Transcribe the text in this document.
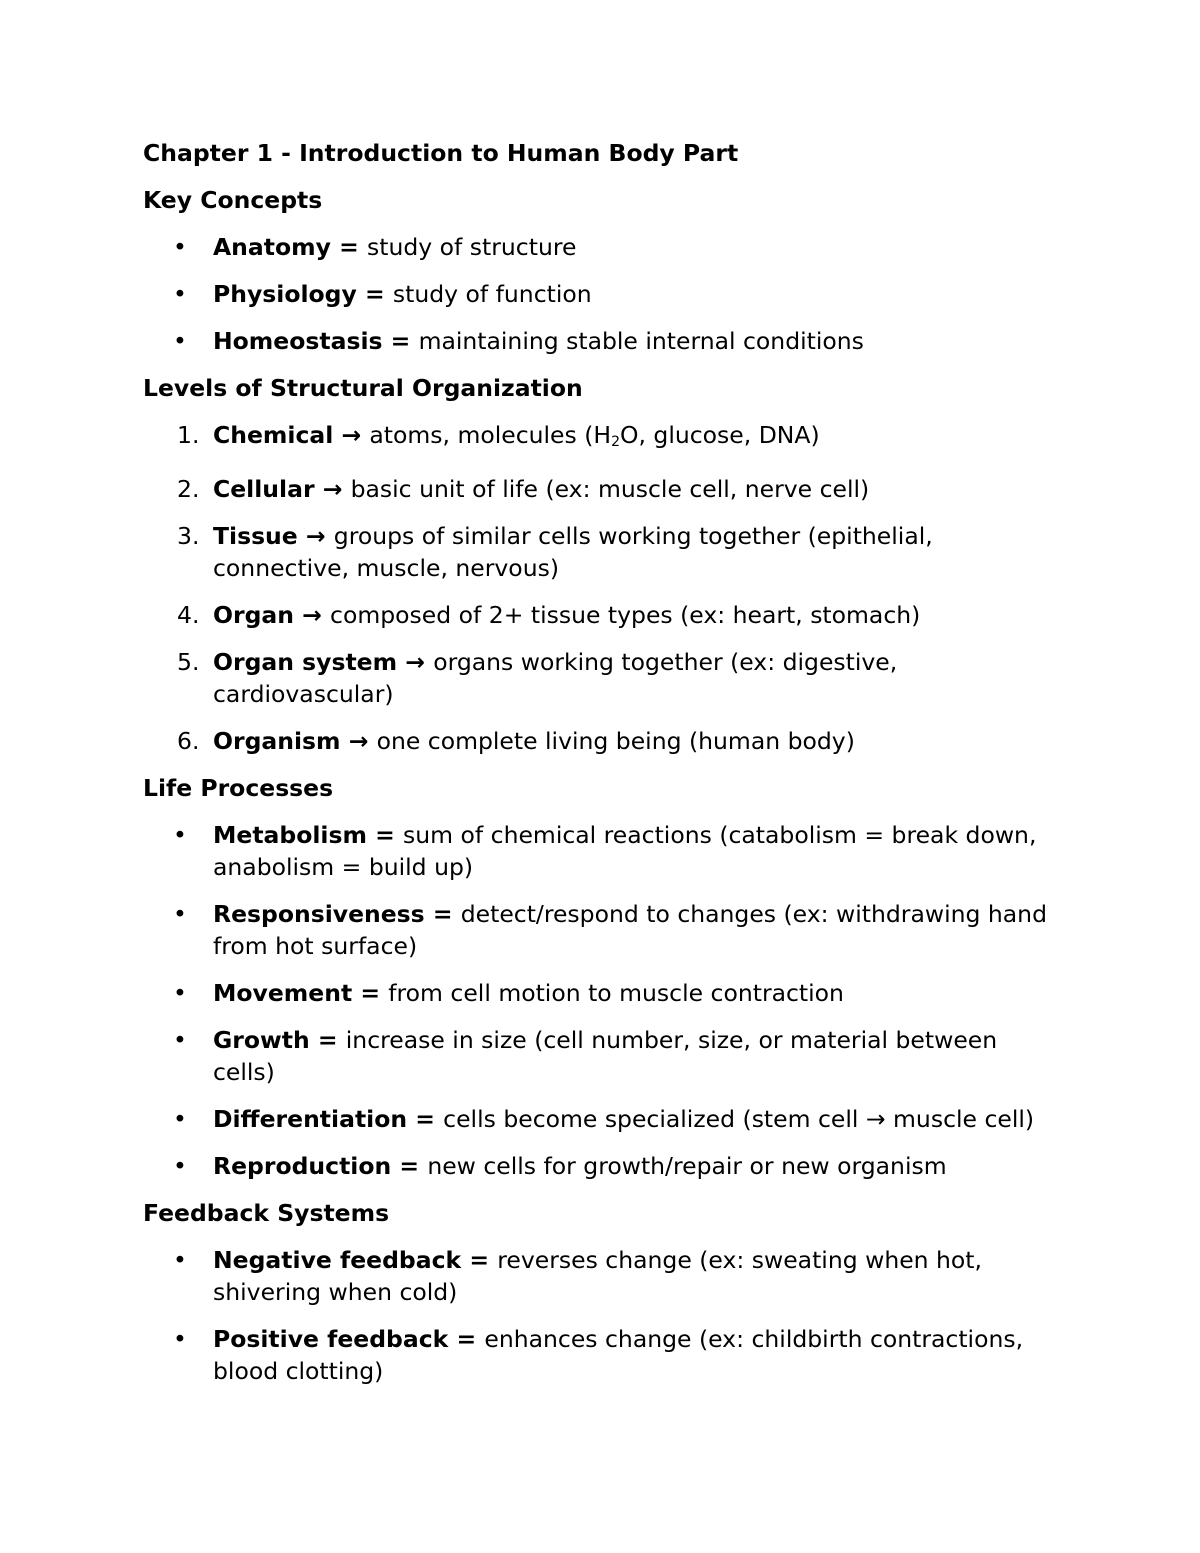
Chapter 1 - Introduction to Human Body Part
Key Concepts
• Anatomy = study of structure
• Physiology = study of function
• Homeostasis = maintaining stable internal conditions
Levels of Structural Organization
1. Chemical → atoms, molecules ($H_2O$, glucose, DNA)
2. Cellular → basic unit of life (ex: muscle cell, nerve cell)
3. Tissue → groups of similar cells working together (epithelial, connective, muscle, nervous)
4. Organ → composed of 2+ tissue types (ex: heart, stomach)
5. Organ system → organs working together (ex: digestive, cardiovascular)
6. Organism → one complete living being (human body)
Life Processes
• Metabolism = sum of chemical reactions (catabolism = break down, anabolism = build up)
• Responsiveness = detect/respond to changes (ex: withdrawing hand from hot surface)
• Movement = from cell motion to muscle contraction
• Growth = increase in size (cell number, size, or material between cells)
• Differentiation = cells become specialized (stem cell → muscle cell)
• Reproduction = new cells for growth/repair or new organism
Feedback Systems
• Negative feedback = reverses change (ex: sweating when hot, shivering when cold)
• Positive feedback = enhances change (ex: childbirth contractions, blood clotting)
